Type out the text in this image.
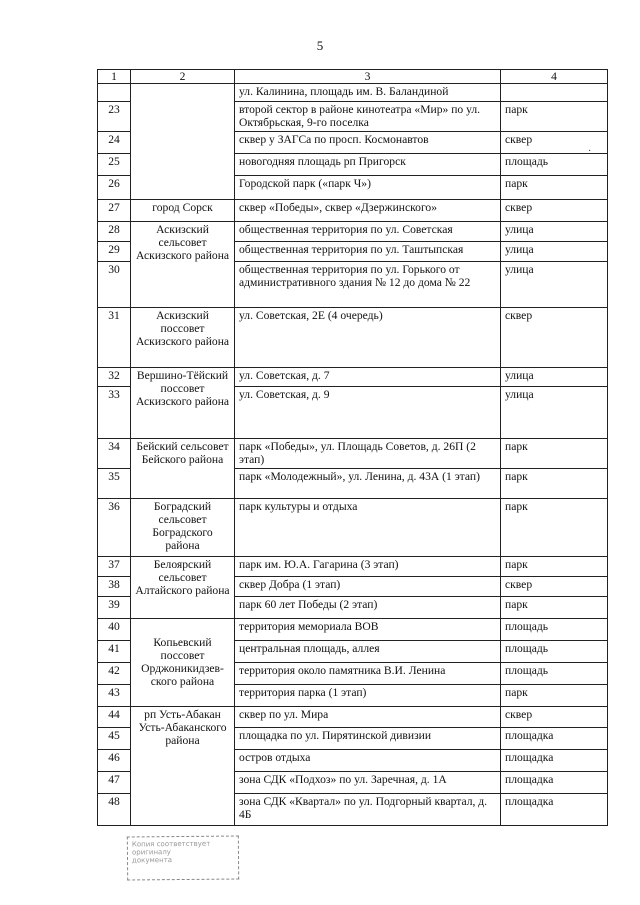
5
·
1	2	3	4
		ул. Калинина, площадь им. В. Баландиной	
23		второй сектор в районе кинотеатра «Мир» по ул. Октябрьская, 9-го поселка	парк
24		сквер у ЗАГСа по просп. Космонавтов	сквер
25		новогодняя площадь рп Пригорск	площадь
26		Городской парк («парк Ч»)	парк
27	город Сорск	сквер «Победы», сквер «Дзержинского»	сквер
28	Аскизский сельсовет Аскизского района	общественная территория по ул. Советская	улица
29		общественная территория по ул. Таштыпская	улица
30		общественная территория по ул. Горького от административного здания № 12 до дома № 22	улица
31	Аскизский поссовет Аскизского района	ул. Советская, 2Е (4 очередь)	сквер
32	Вершино-Тёйский поссовет Аскизского района	ул. Советская, д. 7	улица
33		ул. Советская, д. 9	улица
34	Бейский сельсовет Бейского района	парк «Победы», ул. Площадь Советов, д. 26П (2 этап)	парк
35		парк «Молодежный», ул. Ленина, д. 43А (1 этап)	парк
36	Боградский сельсовет Боградского района	парк культуры и отдыха	парк
37	Белоярский сельсовет Алтайского района	парк им. Ю.А. Гагарина (3 этап)	парк
38		сквер Добра (1 этап)	сквер
39		парк 60 лет Победы (2 этап)	парк
40	Копьевский поссовет Орджоникидзев-ского района	территория мемориала ВОВ	площадь
41		центральная площадь, аллея	площадь
42		территория около памятника В.И. Ленина	площадь
43		территория парка (1 этап)	парк
44	рп Усть-Абакан Усть-Абаканского района	сквер по ул. Мира	сквер
45		площадка по ул. Пирятинской дивизии	площадка
46		остров отдыха	площадка
47		зона СДК «Подхоз» по ул. Заречная, д. 1А	площадка
48		зона СДК «Квартал» по ул. Подгорный квартал, д. 4Б	площадка
Копия соответствует
оригиналу
документа
